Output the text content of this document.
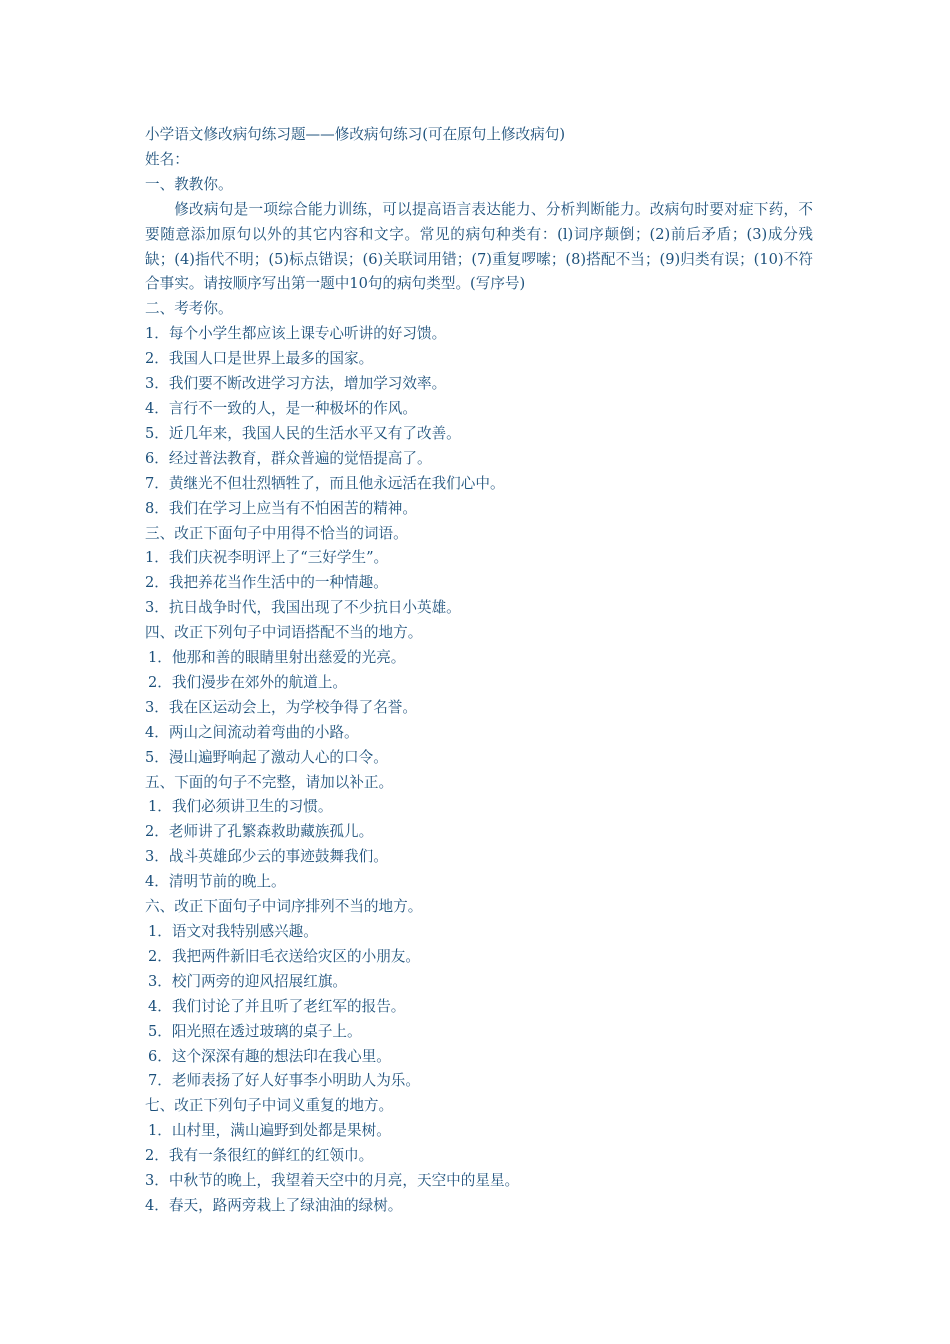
小学语文修改病句练习题——修改病句练习(可在原句上修改病句)
姓名：
一、教教你。
修改病句是一项综合能力训练，可以提高语言表达能力、分析判断能力。改病句时要对症下药，不要随意添加原句以外的其它内容和文字。常见的病句种类有：(l)词序颠倒；(2)前后矛盾；(3)成分残缺；(4)指代不明；(5)标点错误；(6)关联词用错；(7)重复啰嗦；(8)搭配不当；(9)归类有误；(10)不符合事实。请按顺序写出第一题中10句的病句类型。(写序号)
二、考考你。
1．每个小学生都应该上课专心听讲的好习馈。
2．我国人口是世界上最多的国家。
3．我们要不断改进学习方法，增加学习效率。
4．言行不一致的人，是一种极坏的作风。
5．近几年来，我国人民的生活水平又有了改善。
6．经过普法教育，群众普遍的觉悟提高了。
7．黄继光不但壮烈牺牲了，而且他永远活在我们心中。
8．我们在学习上应当有不怕困苦的精神。
三、改正下面句子中用得不恰当的词语。
1．我们庆祝李明评上了“三好学生”。
2．我把养花当作生活中的一种情趣。
3．抗日战争时代，我国出现了不少抗日小英雄。
四、改正下列句子中词语搭配不当的地方。
1．他那和善的眼睛里射出慈爱的光亮。
2．我们漫步在郊外的航道上。
3．我在区运动会上，为学校争得了名誉。
4．两山之间流动着弯曲的小路。
5．漫山遍野响起了激动人心的口令。
五、下面的句子不完整，请加以补正。
1．我们必须讲卫生的习惯。
2．老师讲了孔繁森救助藏族孤儿。
3．战斗英雄邱少云的事迹鼓舞我们。
4．清明节前的晚上。
六、改正下面句子中词序排列不当的地方。
1．语文对我特别感兴趣。
2．我把两件新旧毛衣送给灾区的小朋友。
3．校门两旁的迎风招展红旗。
4．我们讨论了并且听了老红军的报告。
5．阳光照在透过玻璃的桌子上。
6．这个深深有趣的想法印在我心里。
7．老师表扬了好人好事李小明助人为乐。
七、改正下列句子中词义重复的地方。
1．山村里，满山遍野到处都是果树。
2．我有一条很红的鲜红的红领巾。
3．中秋节的晚上，我望着天空中的月亮，天空中的星星。
4．春天，路两旁栽上了绿油油的绿树。
